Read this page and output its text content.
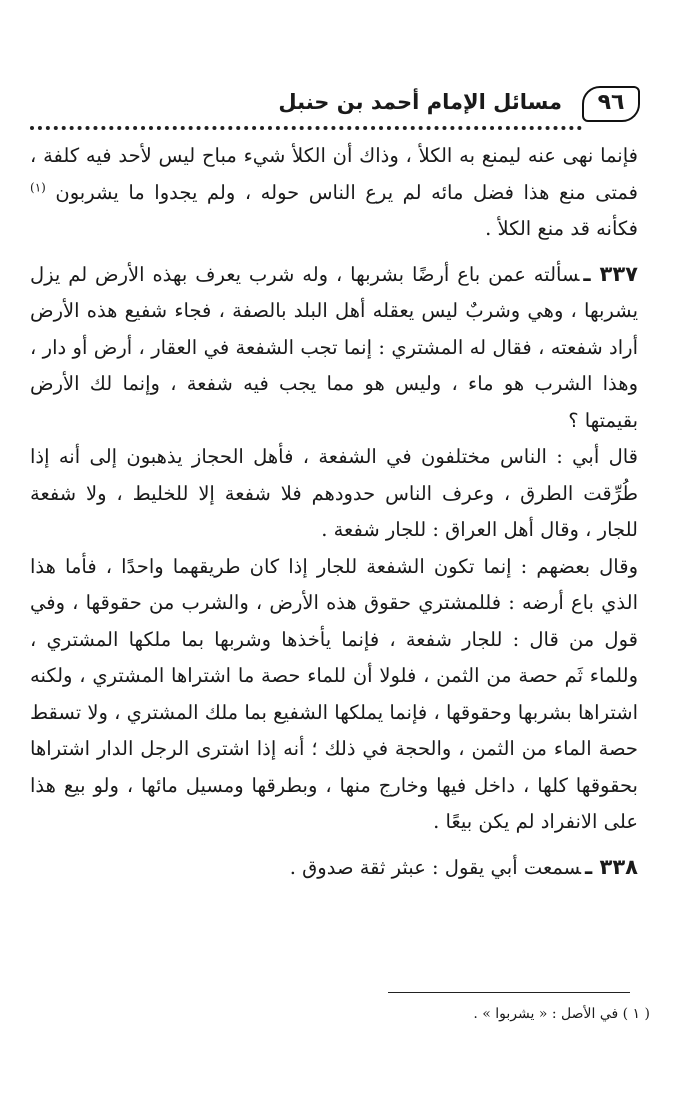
٩٦
مسائل الإمام أحمد بن حنبل

فإنما نهى عنه ليمنع به الكلأ ، وذاك أن الكلأ شيء مباح ليس لأحد فيه كلفة ، فمتى منع هذا فضل مائه لم يرع الناس حوله ، ولم يجدوا ما يشربون $^{(١)}$ فكأنه قد منع الكلأ .

٣٣٧ ـسألته عمن باع أرضًا بشربها ، وله شرب يعرف بهذه الأرض لم يزل يشربها ، وهي وشربٌ ليس يعقله أهل البلد بالصفة ، فجاء شفيع هذه الأرض أراد شفعته ، فقال له المشتري : إنما تجب الشفعة في العقار ، أرض أو دار ، وهذا الشرب هو ماء ، وليس هو مما يجب فيه شفعة ، وإنما لك الأرض بقيمتها ؟

قال أبي : الناس مختلفون في الشفعة ، فأهل الحجاز يذهبون إلى أنه إذا طُرِّقت الطرق ، وعرف الناس حدودهم فلا شفعة إلا للخليط ، ولا شفعة للجار ، وقال أهل العراق : للجار شفعة .

وقال بعضهم : إنما تكون الشفعة للجار إذا كان طريقهما واحدًا ، فأما هذا الذي باع أرضه : فللمشتري حقوق هذه الأرض ، والشرب من حقوقها ، وفي قول من قال : للجار شفعة ، فإنما يأخذها وشربها بما ملكها المشتري ، وللماء ثَم حصة من الثمن ، فلولا أن للماء حصة ما اشتراها المشتري ، ولكنه اشتراها بشربها وحقوقها ، فإنما يملكها الشفيع بما ملك المشتري ، ولا تسقط حصة الماء من الثمن ، والحجة في ذلك ؛ أنه إذا اشترى الرجل الدار اشتراها بحقوقها كلها ، داخل فيها وخارج منها ، وبطرقها ومسيل مائها ، ولو بيع هذا على الانفراد لم يكن بيعًا .

٣٣٨ ـسمعت أبي يقول : عبثر ثقة صدوق .

( ١ ) في الأصل : « يشربوا » .
